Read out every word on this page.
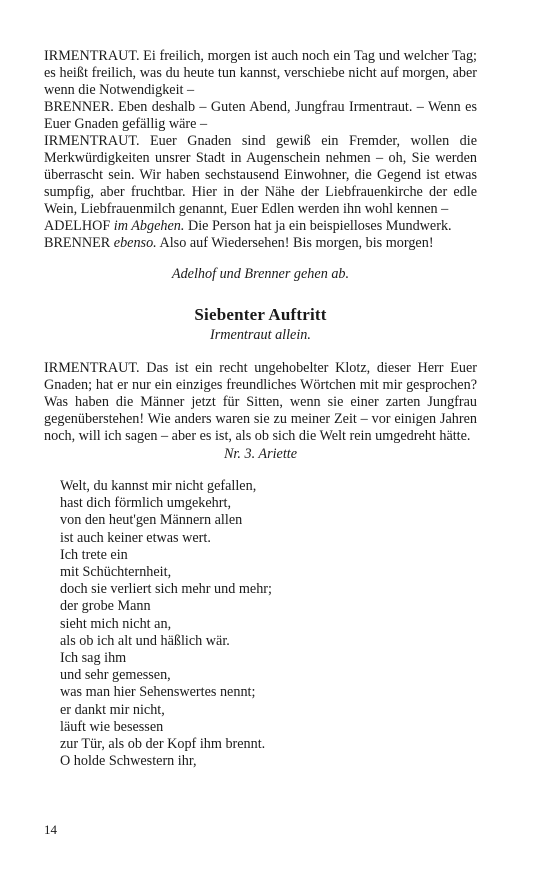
IRMENTRAUT. Ei freilich, morgen ist auch noch ein Tag und welcher Tag; es heißt freilich, was du heute tun kannst, verschiebe nicht auf morgen, aber wenn die Notwendigkeit –

BRENNER. Eben deshalb – Guten Abend, Jungfrau Irmentraut. – Wenn es Euer Gnaden gefällig wäre –

IRMENTRAUT. Euer Gnaden sind gewiß ein Fremder, wollen die Merkwürdigkeiten unsrer Stadt in Augenschein nehmen – oh, Sie werden überrascht sein. Wir haben sechstausend Einwohner, die Gegend ist etwas sumpfig, aber fruchtbar. Hier in der Nähe der Liebfrauenkirche der edle Wein, Liebfrauenmilch genannt, Euer Edlen werden ihn wohl kennen –

ADELHOF im Abgehen. Die Person hat ja ein beispielloses Mundwerk.

BRENNER ebenso. Also auf Wiedersehen! Bis morgen, bis morgen!

Adelhof und Brenner gehen ab.

Siebenter Auftritt

Irmentraut allein.

IRMENTRAUT. Das ist ein recht ungehobelter Klotz, dieser Herr Euer Gnaden; hat er nur ein einziges freundliches Wörtchen mit mir gesprochen? Was haben die Männer jetzt für Sitten, wenn sie einer zarten Jungfrau gegenüberstehen! Wie anders waren sie zu meiner Zeit – vor einigen Jahren noch, will ich sagen – aber es ist, als ob sich die Welt rein umgedreht hätte.

Nr. 3. Ariette

Welt, du kannst mir nicht gefallen,
hast dich förmlich umgekehrt,
von den heut'gen Männern allen
ist auch keiner etwas wert.
Ich trete ein
mit Schüchternheit,
doch sie verliert sich mehr und mehr;
der grobe Mann
sieht mich nicht an,
als ob ich alt und häßlich wär.
Ich sag ihm
und sehr gemessen,
was man hier Sehenswertes nennt;
er dankt mir nicht,
läuft wie besessen
zur Tür, als ob der Kopf ihm brennt.
O holde Schwestern ihr,
14
